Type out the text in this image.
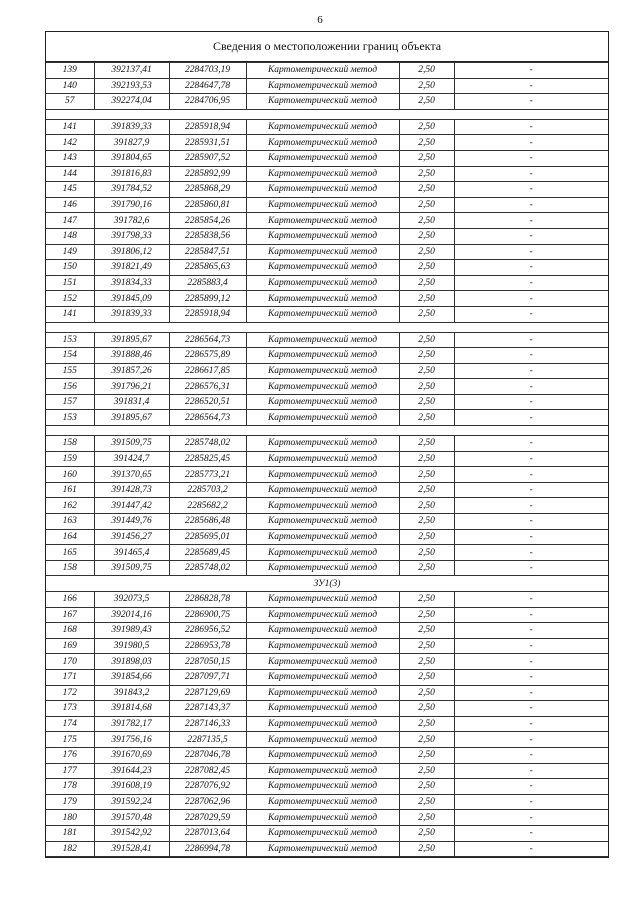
6
Сведения о местоположении границ объекта
139	392137,41	2284703,19	Картометрический метод	2,50	-
140	392193,53	2284647,78	Картометрический метод	2,50	-
57	392274,04	2284706,95	Картометрический метод	2,50	-

141	391839,33	2285918,94	Картометрический метод	2,50	-
142	391827,9	2285931,51	Картометрический метод	2,50	-
143	391804,65	2285907,52	Картометрический метод	2,50	-
144	391816,83	2285892,99	Картометрический метод	2,50	-
145	391784,52	2285868,29	Картометрический метод	2,50	-
146	391790,16	2285860,81	Картометрический метод	2,50	-
147	391782,6	2285854,26	Картометрический метод	2,50	-
148	391798,33	2285838,56	Картометрический метод	2,50	-
149	391806,12	2285847,51	Картометрический метод	2,50	-
150	391821,49	2285865,63	Картометрический метод	2,50	-
151	391834,33	2285883,4	Картометрический метод	2,50	-
152	391845,09	2285899,12	Картометрический метод	2,50	-
141	391839,33	2285918,94	Картометрический метод	2,50	-

153	391895,67	2286564,73	Картометрический метод	2,50	-
154	391888,46	2286575,89	Картометрический метод	2,50	-
155	391857,26	2286617,85	Картометрический метод	2,50	-
156	391796,21	2286576,31	Картометрический метод	2,50	-
157	391831,4	2286520,51	Картометрический метод	2,50	-
153	391895,67	2286564,73	Картометрический метод	2,50	-

158	391509,75	2285748,02	Картометрический метод	2,50	-
159	391424,7	2285825,45	Картометрический метод	2,50	-
160	391370,65	2285773,21	Картометрический метод	2,50	-
161	391428,73	2285703,2	Картометрический метод	2,50	-
162	391447,42	2285682,2	Картометрический метод	2,50	-
163	391449,76	2285686,48	Картометрический метод	2,50	-
164	391456,27	2285695,01	Картометрический метод	2,50	-
165	391465,4	2285689,45	Картометрический метод	2,50	-
158	391509,75	2285748,02	Картометрический метод	2,50	-
ЗУ1(3)					
166	392073,5	2286828,78	Картометрический метод	2,50	-
167	392014,16	2286900,75	Картометрический метод	2,50	-
168	391989,43	2286956,52	Картометрический метод	2,50	-
169	391980,5	2286953,78	Картометрический метод	2,50	-
170	391898,03	2287050,15	Картометрический метод	2,50	-
171	391854,66	2287097,71	Картометрический метод	2,50	-
172	391843,2	2287129,69	Картометрический метод	2,50	-
173	391814,68	2287143,37	Картометрический метод	2,50	-
174	391782,17	2287146,33	Картометрический метод	2,50	-
175	391756,16	2287135,5	Картометрический метод	2,50	-
176	391670,69	2287046,78	Картометрический метод	2,50	-
177	391644,23	2287082,45	Картометрический метод	2,50	-
178	391608,19	2287076,92	Картометрический метод	2,50	-
179	391592,24	2287062,96	Картометрический метод	2,50	-
180	391570,48	2287029,59	Картометрический метод	2,50	-
181	391542,92	2287013,64	Картометрический метод	2,50	-
182	391528,41	2286994,78	Картометрический метод	2,50	-
